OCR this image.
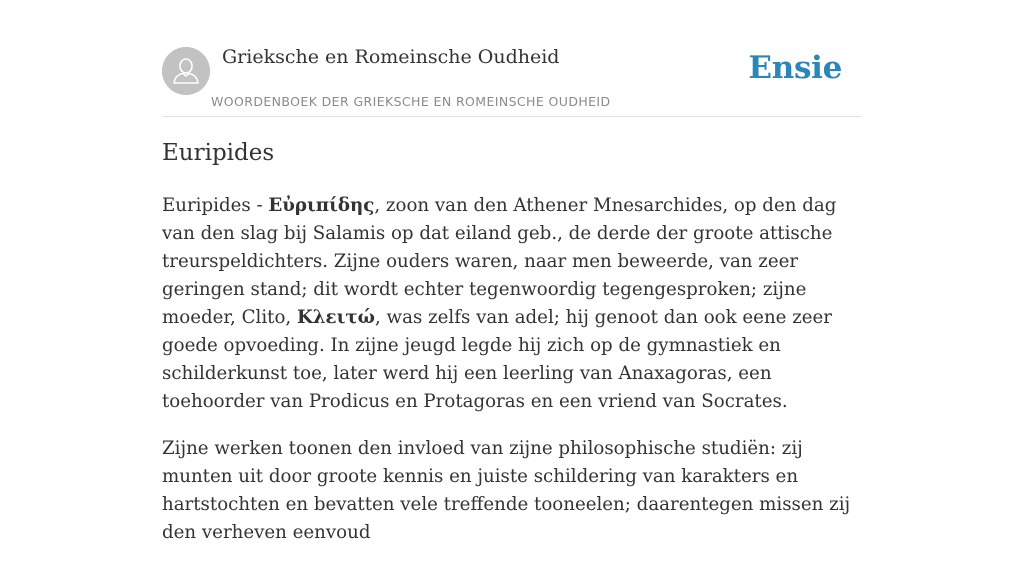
Grieksche en Romeinsche Oudheid
WOORDENBOEK DER GRIEKSCHE EN ROMEINSCHE OUDHEID
Ensie
Euripides

Euripides - Εὐριπίδης, zoon van den Athener Mnesarchides, op den dag van den slag bij Salamis op dat eiland geb., de derde der groote attische treurspeldichters. Zijne ouders waren, naar men beweerde, van zeer geringen stand; dit wordt echter tegenwoordig tegengesproken; zijne moeder, Clito, Κλειτώ, was zelfs van adel; hij genoot dan ook eene zeer goede opvoeding. In zijne jeugd legde hij zich op de gymnastiek en schilderkunst toe, later werd hij een leerling van Anaxagoras, een toehoorder van Prodicus en Protagoras en een vriend van Socrates.

Zijne werken toonen den invloed van zijne philosophische studiën: zij munten uit door groote kennis en juiste schildering van karakters en hartstochten en bevatten vele treffende tooneelen; daarentegen missen zij den verheven eenvoud
